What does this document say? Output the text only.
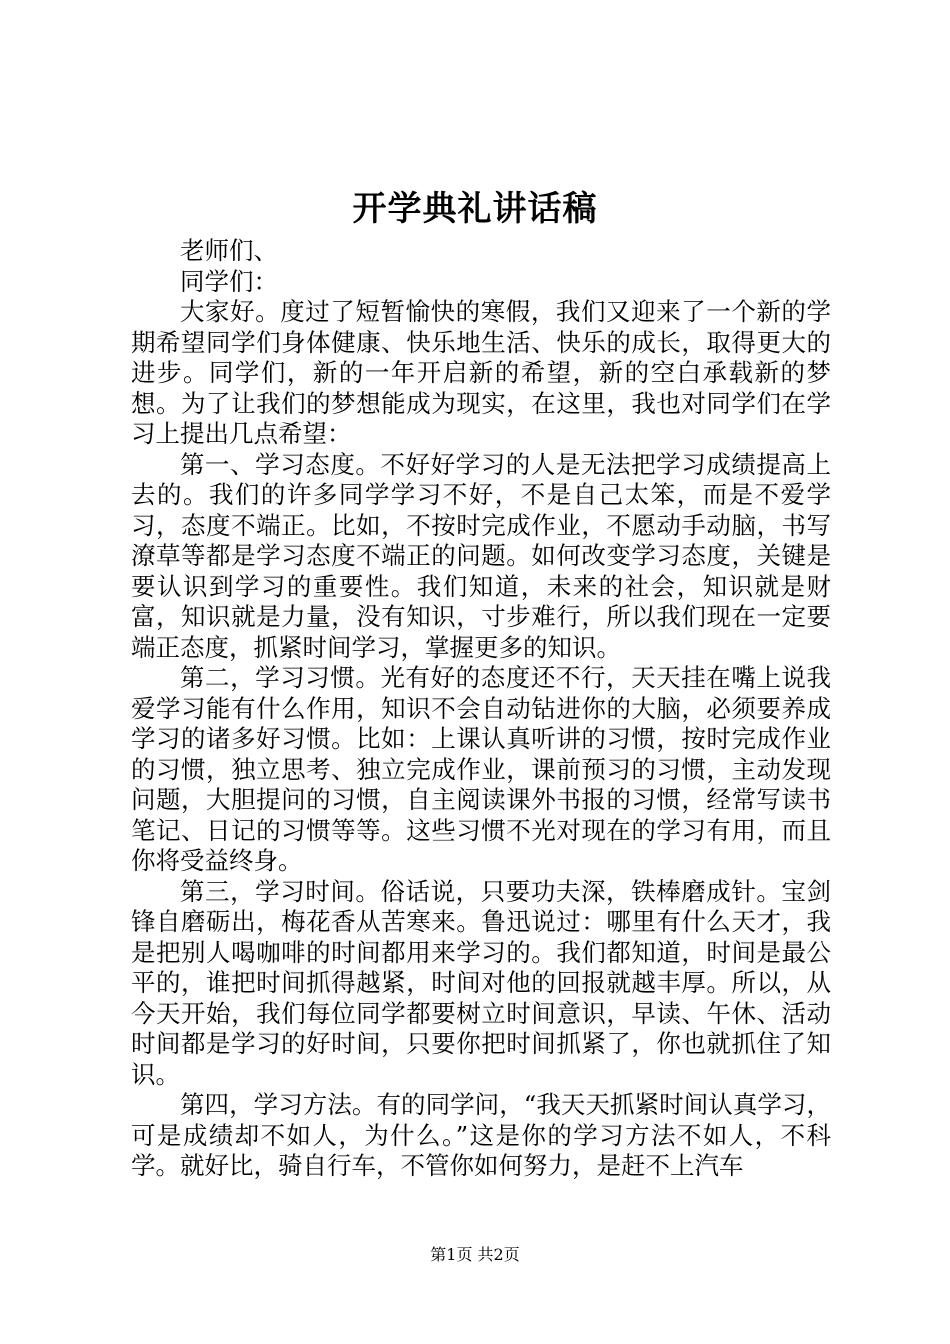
开学典礼讲话稿

老师们、

同学们：

大家好。度过了短暂愉快的寒假，我们又迎来了一个新的学期希望同学们身体健康、快乐地生活、快乐的成长，取得更大的进步。同学们，新的一年开启新的希望，新的空白承载新的梦想。为了让我们的梦想能成为现实，在这里，我也对同学们在学习上提出几点希望：

第一、学习态度。不好好学习的人是无法把学习成绩提高上去的。我们的许多同学学习不好，不是自己太笨，而是不爱学习，态度不端正。比如，不按时完成作业，不愿动手动脑，书写潦草等都是学习态度不端正的问题。如何改变学习态度，关键是要认识到学习的重要性。我们知道，未来的社会，知识就是财富，知识就是力量，没有知识，寸步难行，所以我们现在一定要端正态度，抓紧时间学习，掌握更多的知识。

第二，学习习惯。光有好的态度还不行，天天挂在嘴上说我爱学习能有什么作用，知识不会自动钻进你的大脑，必须要养成学习的诸多好习惯。比如：上课认真听讲的习惯，按时完成作业的习惯，独立思考、独立完成作业，课前预习的习惯，主动发现问题，大胆提问的习惯，自主阅读课外书报的习惯，经常写读书笔记、日记的习惯等等。这些习惯不光对现在的学习有用，而且你将受益终身。

第三，学习时间。俗话说，只要功夫深，铁棒磨成针。宝剑锋自磨砺出，梅花香从苦寒来。鲁迅说过：哪里有什么天才，我是把别人喝咖啡的时间都用来学习的。我们都知道，时间是最公平的，谁把时间抓得越紧，时间对他的回报就越丰厚。所以，从今天开始，我们每位同学都要树立时间意识，早读、午休、活动时间都是学习的好时间，只要你把时间抓紧了，你也就抓住了知识。

第四，学习方法。有的同学问，“我天天抓紧时间认真学习，可是成绩却不如人，为什么。”这是你的学习方法不如人，不科学。就好比，骑自行车，不管你如何努力，是赶不上汽车

第1页 共2页
